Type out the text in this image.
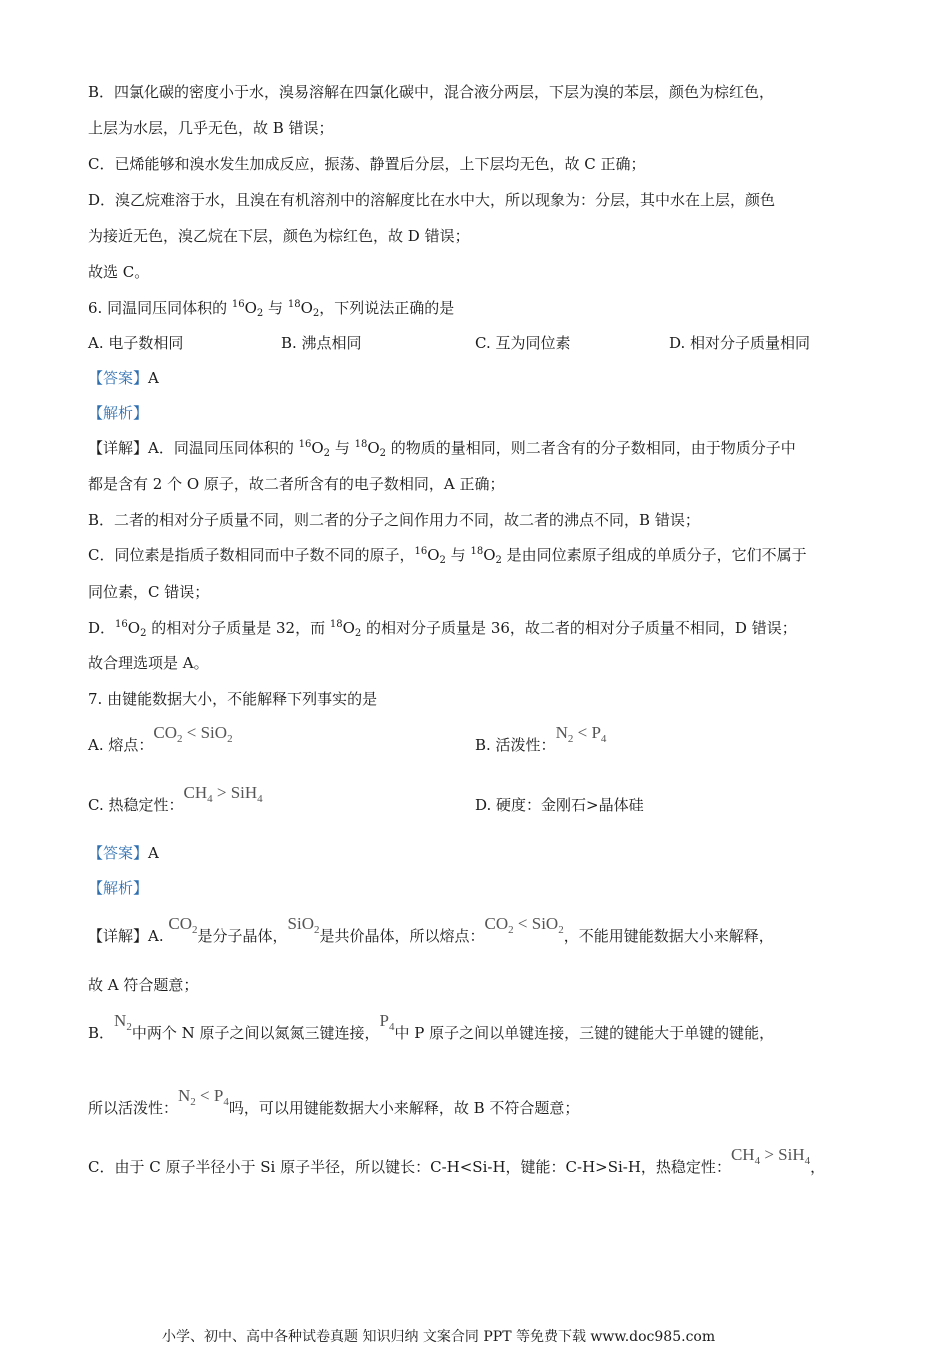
B．四氯化碳的密度小于水，溴易溶解在四氯化碳中，混合液分两层，下层为溴的苯层，颜色为棕红色，
上层为水层，几乎无色，故 B 错误；
C．已烯能够和溴水发生加成反应，振荡、静置后分层，上下层均无色，故 C 正确；
D．溴乙烷难溶于水，且溴在有机溶剂中的溶解度比在水中大，所以现象为：分层，其中水在上层，颜色
为接近无色，溴乙烷在下层，颜色为棕红色，故 D 错误；
故选 C。
6. 同温同压同体积的 $^{16}O_2$ 与 $^{18}O_2$，下列说法正确的是
A. 电子数相同	B. 沸点相同	C. 互为同位素	D. 相对分子质量相同
【答案】A
【解析】
【详解】A．同温同压同体积的 $^{16}O_2$ 与 $^{18}O_2$ 的物质的量相同，则二者含有的分子数相同，由于物质分子中
都是含有 2 个 O 原子，故二者所含有的电子数相同，A 正确；
B．二者的相对分子质量不同，则二者的分子之间作用力不同，故二者的沸点不同，B 错误；
C．同位素是指质子数相同而中子数不同的原子，$^{16}O_2$ 与 $^{18}O_2$ 是由同位素原子组成的单质分子，它们不属于
同位素，C 错误；
D．$^{16}O_2$ 的相对分子质量是 32，而 $^{18}O_2$ 的相对分子质量是 36，故二者的相对分子质量不相同，D 错误；
故合理选项是 A。
7. 由键能数据大小，不能解释下列事实的是
A. 熔点：$CO_2 < SiO_2$	B. 活泼性：$N_2 < P_4$
C. 热稳定性：$CH_4 > SiH_4$	D. 硬度：金刚石>晶体硅
【答案】A
【解析】
【详解】A. $CO_2$是分子晶体，SiO$_2$是共价晶体，所以熔点：$CO_2 < SiO_2$，不能用键能数据大小来解释，
故 A 符合题意；
B．$N_2$中两个 N 原子之间以氮氮三键连接，$P_4$中 P 原子之间以单键连接，三键的键能大于单键的键能，
所以活泼性：$N_2 < P_4$吗，可以用键能数据大小来解释，故 B 不符合题意；
C．由于 C 原子半径小于 Si 原子半径，所以键长：C-H<Si-H，键能：C-H>Si-H，热稳定性：$CH_4 > SiH_4$，
小学、初中、高中各种试卷真题 知识归纳 文案合同 PPT 等免费下载 www.doc985.com
